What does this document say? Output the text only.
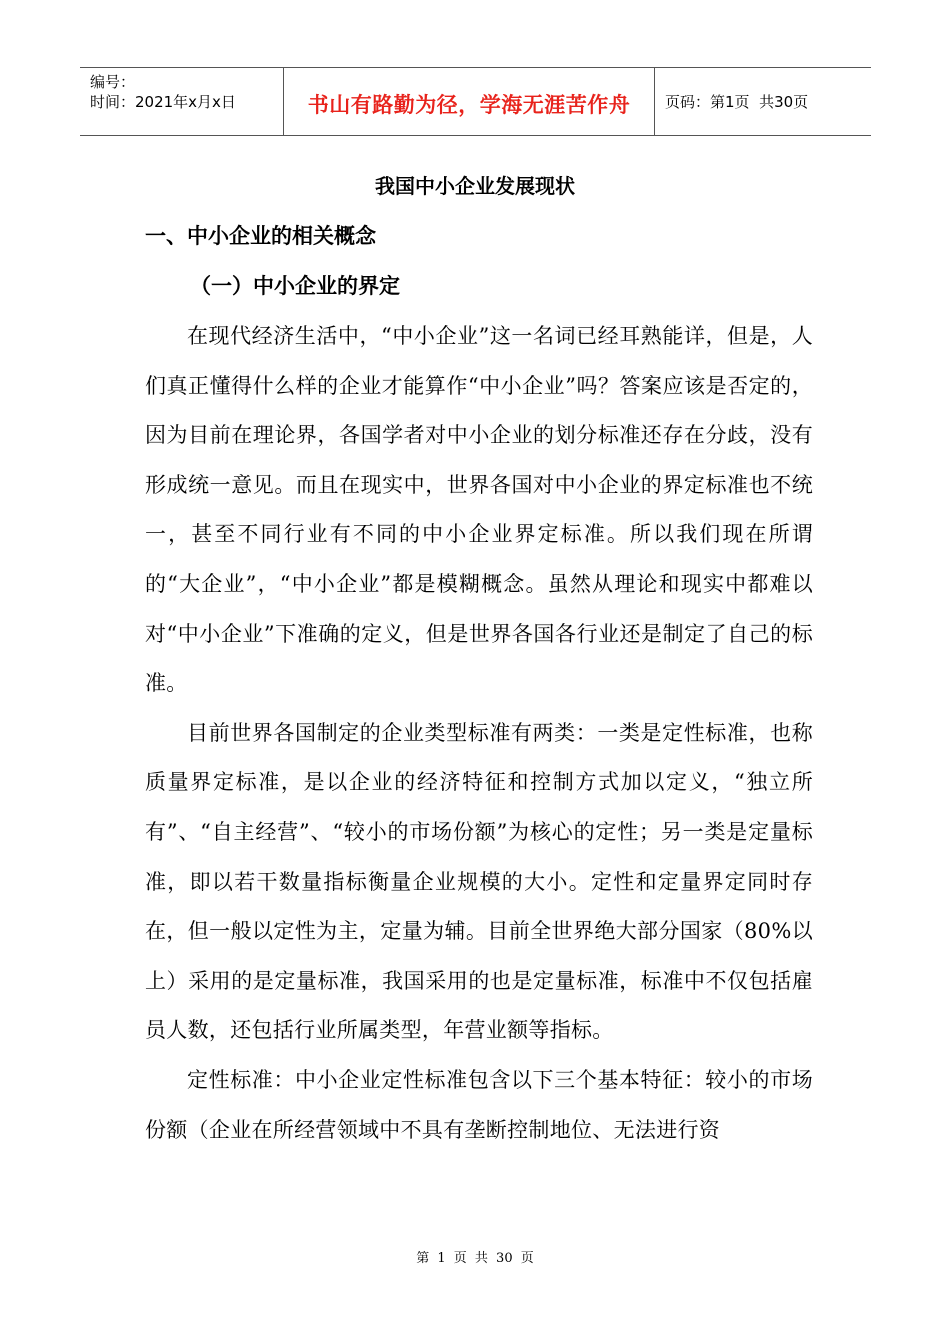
编号：
时间：2021年x月x日	书山有路勤为径，学海无涯苦作舟 页码：第1页  共30页
我国中小企业发展现状
一、中小企业的相关概念
（一）中小企业的界定

在现代经济生活中，“中小企业”这一名词已经耳熟能详，但是，人们真正懂得什么样的企业才能算作“中小企业”吗？答案应该是否定的，因为目前在理论界，各国学者对中小企业的划分标准还存在分歧，没有形成统一意见。而且在现实中，世界各国对中小企业的界定标准也不统一，甚至不同行业有不同的中小企业界定标准。所以我们现在所谓的“大企业”，“中小企业”都是模糊概念。虽然从理论和现实中都难以对“中小企业”下准确的定义，但是世界各国各行业还是制定了自己的标准。

目前世界各国制定的企业类型标准有两类：一类是定性标准，也称质量界定标准，是以企业的经济特征和控制方式加以定义，“独立所有”、“自主经营”、“较小的市场份额”为核心的定性；另一类是定量标准，即以若干数量指标衡量企业规模的大小。定性和定量界定同时存在，但一般以定性为主，定量为辅。目前全世界绝大部分国家（80%以上）采用的是定量标准，我国采用的也是定量标准，标准中不仅包括雇员人数，还包括行业所属类型，年营业额等指标。

定性标准：中小企业定性标准包含以下三个基本特征：较小的市场份额（企业在所经营领域中不具有垄断控制地位、无法进行资

第 1 页 共 30 页
